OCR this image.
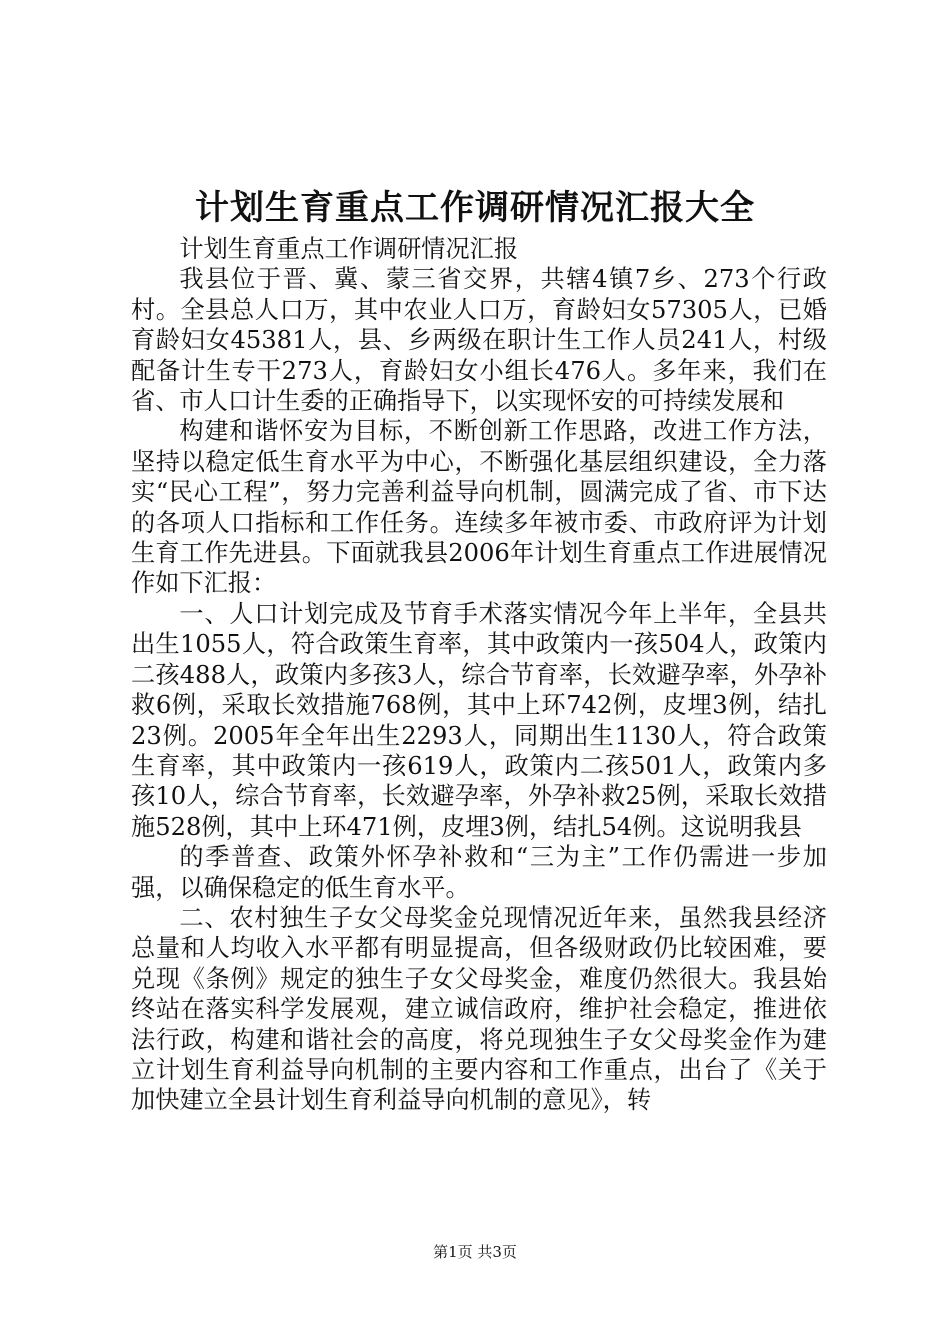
计划生育重点工作调研情况汇报大全

计划生育重点工作调研情况汇报

我县位于晋、冀、蒙三省交界，共辖4镇7乡、273个行政村。全县总人口万，其中农业人口万，育龄妇女57305人，已婚育龄妇女45381人，县、乡两级在职计生工作人员241人，村级配备计生专干273人，育龄妇女小组长476人。多年来，我们在省、市人口计生委的正确指导下，以实现怀安的可持续发展和

构建和谐怀安为目标，不断创新工作思路，改进工作方法，坚持以稳定低生育水平为中心，不断强化基层组织建设，全力落实“民心工程”，努力完善利益导向机制，圆满完成了省、市下达的各项人口指标和工作任务。连续多年被市委、市政府评为计划生育工作先进县。下面就我县2006年计划生育重点工作进展情况作如下汇报：

一、人口计划完成及节育手术落实情况今年上半年，全县共出生1055人，符合政策生育率，其中政策内一孩504人，政策内二孩488人，政策内多孩3人，综合节育率，长效避孕率，外孕补救6例，采取长效措施768例，其中上环742例，皮埋3例，结扎23例。2005年全年出生2293人，同期出生1130人，符合政策生育率，其中政策内一孩619人，政策内二孩501人，政策内多孩10人，综合节育率，长效避孕率，外孕补救25例，采取长效措施528例，其中上环471例，皮埋3例，结扎54例。这说明我县

的季普查、政策外怀孕补救和“三为主”工作仍需进一步加强，以确保稳定的低生育水平。

二、农村独生子女父母奖金兑现情况近年来，虽然我县经济总量和人均收入水平都有明显提高，但各级财政仍比较困难，要兑现《条例》规定的独生子女父母奖金，难度仍然很大。我县始终站在落实科学发展观，建立诚信政府，维护社会稳定，推进依法行政，构建和谐社会的高度，将兑现独生子女父母奖金作为建立计划生育利益导向机制的主要内容和工作重点，出台了《关于加快建立全县计划生育利益导向机制的意见》，转

第1页 共3页
